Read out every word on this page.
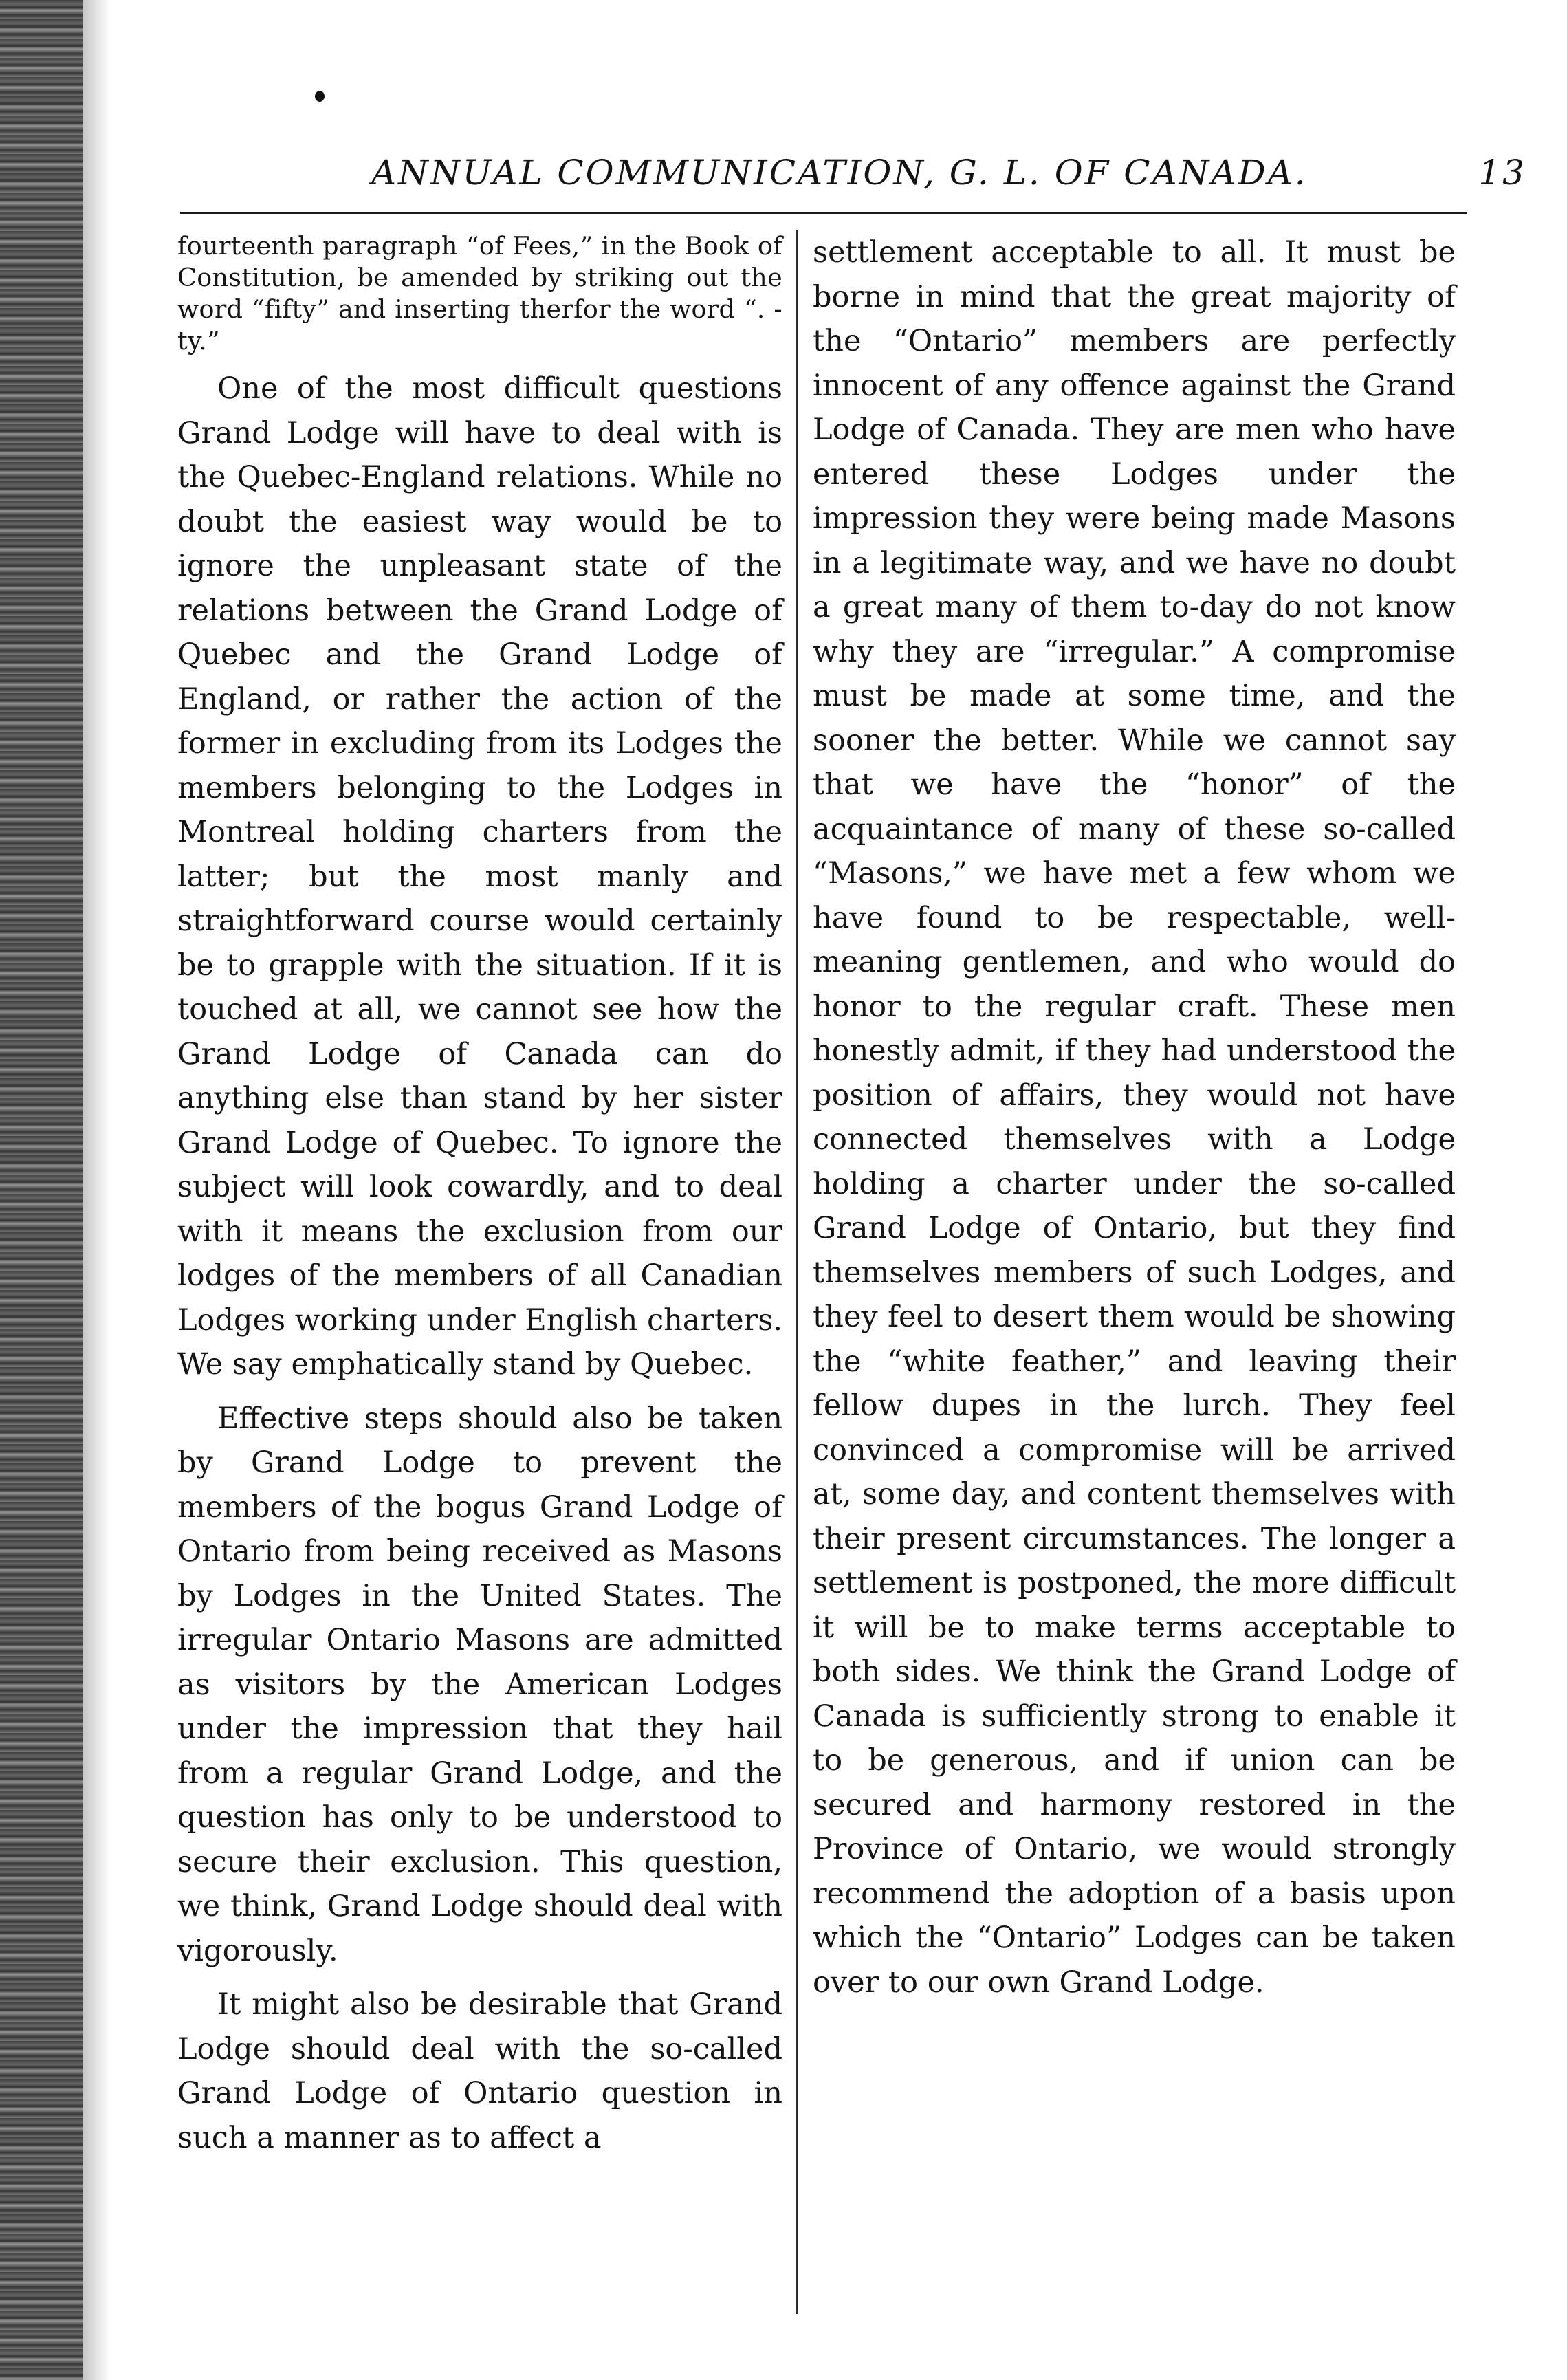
ANNUAL COMMUNICATION, G. L. OF CANADA.	13

fourteenth paragraph “of Fees,” in the Book of Constitution, be amended by striking out the word “fifty” and inserting therfor the word “. -ty.”

One of the most difficult questions Grand Lodge will have to deal with is the Quebec-England relations. While no doubt the easiest way would be to ignore the unpleasant state of the relations between the Grand Lodge of Quebec and the Grand Lodge of England, or rather the action of the former in excluding from its Lodges the members belonging to the Lodges in Montreal holding charters from the latter; but the most manly and straightforward course would certainly be to grapple with the situation. If it is touched at all, we cannot see how the Grand Lodge of Canada can do anything else than stand by her sister Grand Lodge of Quebec. To ignore the subject will look cowardly, and to deal with it means the exclusion from our lodges of the members of all Canadian Lodges working under English charters. We say emphatically stand by Quebec.

Effective steps should also be taken by Grand Lodge to prevent the members of the bogus Grand Lodge of Ontario from being received as Masons by Lodges in the United States. The irregular Ontario Masons are admitted as visitors by the American Lodges under the impression that they hail from a regular Grand Lodge, and the question has only to be understood to secure their exclusion. This question, we think, Grand Lodge should deal with vigorously.

It might also be desirable that Grand Lodge should deal with the so-called Grand Lodge of Ontario question in such a manner as to affect a

settlement acceptable to all. It must be borne in mind that the great majority of the “Ontario” members are perfectly innocent of any offence against the Grand Lodge of Canada. They are men who have entered these Lodges under the impression they were being made Masons in a legitimate way, and we have no doubt a great many of them to-day do not know why they are “irregular.” A compromise must be made at some time, and the sooner the better. While we cannot say that we have the “honor” of the acquaintance of many of these so-called “Masons,” we have met a few whom we have found to be respectable, well-meaning gentlemen, and who would do honor to the regular craft. These men honestly admit, if they had understood the position of affairs, they would not have connected themselves with a Lodge holding a charter under the so-called Grand Lodge of Ontario, but they find themselves members of such Lodges, and they feel to desert them would be showing the “white feather,” and leaving their fellow dupes in the lurch. They feel convinced a compromise will be arrived at, some day, and content themselves with their present circumstances. The longer a settlement is postponed, the more difficult it will be to make terms acceptable to both sides. We think the Grand Lodge of Canada is sufficiently strong to enable it to be generous, and if union can be secured and harmony restored in the Province of Ontario, we would strongly recommend the adoption of a basis upon which the “Ontario” Lodges can be taken over to our own Grand Lodge.
